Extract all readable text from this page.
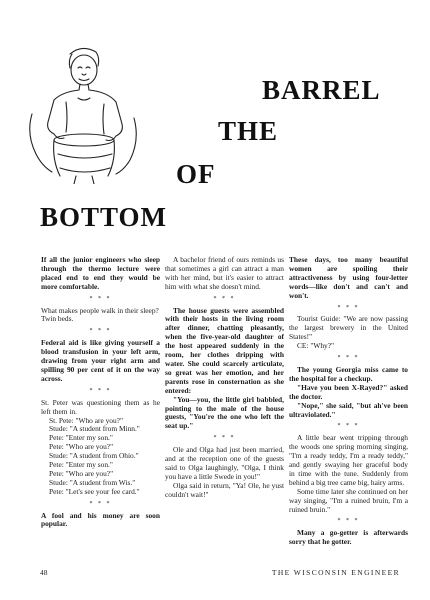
BARREL
THE
OF
BOTTOM

If all the junior engineers who sleep through the thermo lecture were placed end to end they would be more comfortable.

* * *

What makes people walk in their sleep?

Twin beds.

* * *

Federal aid is like giving yourself a blood transfusion in your left arm, drawing from your right arm and spilling 90 per cent of it on the way across.

* * *

St. Peter was questioning them as he left them in.

St. Pete: "Who are you?"

Stude: "A student from Minn."

Pete: "Enter my son."

Pete: "Who are you?"

Stude: "A student from Ohio."

Pete: "Enter my son."

Pete: "Who are you?"

Stude: "A student from Wis."

Pete: "Let's see your fee card."

* * *

A fool and his money are soon popular.

A bachelor friend of ours reminds us that sometimes a girl can attract a man with her mind, but it's easier to attract him with what she doesn't mind.

* * *

The house guests were assembled with their hosts in the living room after dinner, chatting pleasantly, when the five-year-old daughter of the host appeared suddenly in the room, her clothes dripping with water. She could scarcely articulate, so great was her emotion, and her parents rose in consternation as she entered:

"You—you, the little girl babbled, pointing to the male of the house guests, "You're the one who left the seat up."

* * *

Ole and Olga had just been married, and at the reception one of the guests said to Olga laughingly, "Olga, I think you have a little Swede in you!"

Olga said in return, "Ya! Ole, he yust couldn't wait!"

These days, too many beautiful women are spoiling their attractiveness by using four-letter words—like don't and can't and won't.

* * *

Tourist Guide: "We are now passing the largest brewery in the United States!"

CE: "Why?"

* * *

The young Georgia miss came to the hospital for a checkup.

"Have you been X-Rayed?" asked the doctor.

"Nope," she said, "but ah've been ultraviolated."

* * *

A little bear went tripping through the woods one spring morning singing, "I'm a ready teddy, I'm a ready teddy," and gently swaying her graceful body in time with the tune. Suddenly from behind a big tree came big, hairy arms.

Some time later she continued on her way singing, "I'm a ruined bruin, I'm a ruined bruin."

* * *

Many a go-getter is afterwards sorry that he gotter.

48	THE WISCONSIN ENGINEER
